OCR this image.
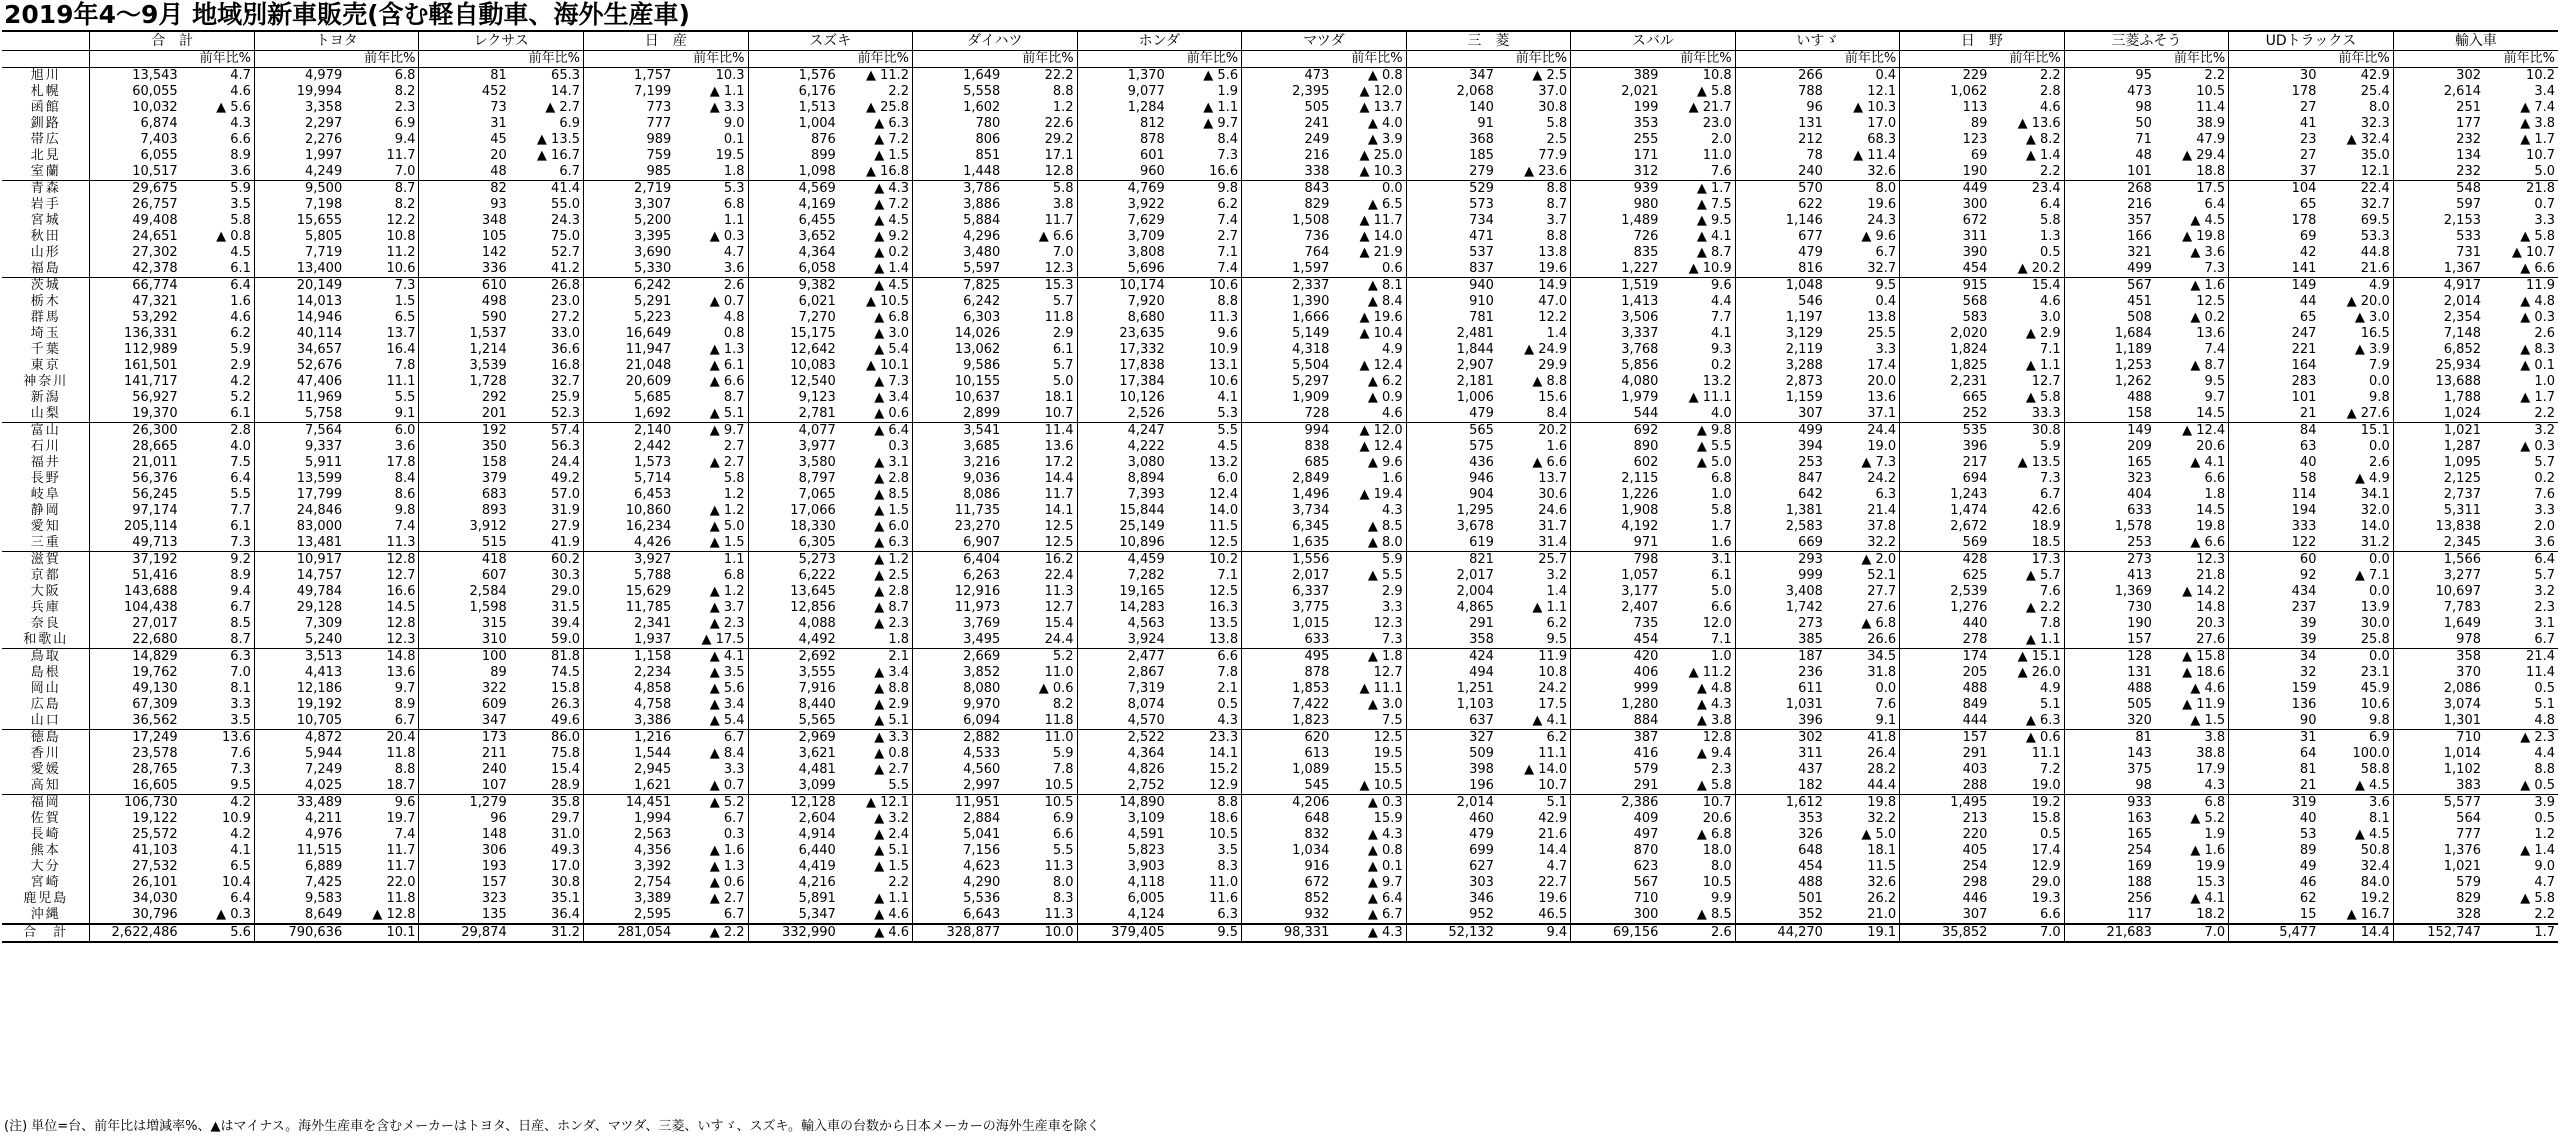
2019年4～9月 地域別新車販売(含む軽自動車、海外生産車)
	合　計		トヨタ		レクサス		日　産		スズキ		ダイハツ		ホンダ		マツダ		三　菱		スバル		いすゞ		日　野		三菱ふそう		UDトラックス		輸入車	
		前年比%		前年比%		前年比%		前年比%		前年比%		前年比%		前年比%		前年比%		前年比%		前年比%		前年比%		前年比%		前年比%		前年比%		前年比%
旭川	13,543	4.7	4,979	6.8	81	65.3	1,757	10.3	1,576	▲ 11.2	1,649	22.2	1,370	▲ 5.6	473	▲ 0.8	347	▲ 2.5	389	10.8	266	0.4	229	2.2	95	2.2	30	42.9	302	10.2
札幌	60,055	4.6	19,994	8.2	452	14.7	7,199	▲ 1.1	6,176	2.2	5,558	8.8	9,077	1.9	2,395	▲ 12.0	2,068	37.0	2,021	▲ 5.8	788	12.1	1,062	2.8	473	10.5	178	25.4	2,614	3.4
函館	10,032	▲ 5.6	3,358	2.3	73	▲ 2.7	773	▲ 3.3	1,513	▲ 25.8	1,602	1.2	1,284	▲ 1.1	505	▲ 13.7	140	30.8	199	▲ 21.7	96	▲ 10.3	113	4.6	98	11.4	27	8.0	251	▲ 7.4
釧路	6,874	4.3	2,297	6.9	31	6.9	777	9.0	1,004	▲ 6.3	780	22.6	812	▲ 9.7	241	▲ 4.0	91	5.8	353	23.0	131	17.0	89	▲ 13.6	50	38.9	41	32.3	177	▲ 3.8
帯広	7,403	6.6	2,276	9.4	45	▲ 13.5	989	0.1	876	▲ 7.2	806	29.2	878	8.4	249	▲ 3.9	368	2.5	255	2.0	212	68.3	123	▲ 8.2	71	47.9	23	▲ 32.4	232	▲ 1.7
北見	6,055	8.9	1,997	11.7	20	▲ 16.7	759	19.5	899	▲ 1.5	851	17.1	601	7.3	216	▲ 25.0	185	77.9	171	11.0	78	▲ 11.4	69	▲ 1.4	48	▲ 29.4	27	35.0	134	10.7
室蘭	10,517	3.6	4,249	7.0	48	6.7	985	1.8	1,098	▲ 16.8	1,448	12.8	960	16.6	338	▲ 10.3	279	▲ 23.6	312	7.6	240	32.6	190	2.2	101	18.8	37	12.1	232	5.0
青森	29,675	5.9	9,500	8.7	82	41.4	2,719	5.3	4,569	▲ 4.3	3,786	5.8	4,769	9.8	843	0.0	529	8.8	939	▲ 1.7	570	8.0	449	23.4	268	17.5	104	22.4	548	21.8
岩手	26,757	3.5	7,198	8.2	93	55.0	3,307	6.8	4,169	▲ 7.2	3,886	3.8	3,922	6.2	829	▲ 6.5	573	8.7	980	▲ 7.5	622	19.6	300	6.4	216	6.4	65	32.7	597	0.7
宮城	49,408	5.8	15,655	12.2	348	24.3	5,200	1.1	6,455	▲ 4.5	5,884	11.7	7,629	7.4	1,508	▲ 11.7	734	3.7	1,489	▲ 9.5	1,146	24.3	672	5.8	357	▲ 4.5	178	69.5	2,153	3.3
秋田	24,651	▲ 0.8	5,805	10.8	105	75.0	3,395	▲ 0.3	3,652	▲ 9.2	4,296	▲ 6.6	3,709	2.7	736	▲ 14.0	471	8.8	726	▲ 4.1	677	▲ 9.6	311	1.3	166	▲ 19.8	69	53.3	533	▲ 5.8
山形	27,302	4.5	7,719	11.2	142	52.7	3,690	4.7	4,364	▲ 0.2	3,480	7.0	3,808	7.1	764	▲ 21.9	537	13.8	835	▲ 8.7	479	6.7	390	0.5	321	▲ 3.6	42	44.8	731	▲ 10.7
福島	42,378	6.1	13,400	10.6	336	41.2	5,330	3.6	6,058	▲ 1.4	5,597	12.3	5,696	7.4	1,597	0.6	837	19.6	1,227	▲ 10.9	816	32.7	454	▲ 20.2	499	7.3	141	21.6	1,367	▲ 6.6
茨城	66,774	6.4	20,149	7.3	610	26.8	6,242	2.6	9,382	▲ 4.5	7,825	15.3	10,174	10.6	2,337	▲ 8.1	940	14.9	1,519	9.6	1,048	9.5	915	15.4	567	▲ 1.6	149	4.9	4,917	11.9
栃木	47,321	1.6	14,013	1.5	498	23.0	5,291	▲ 0.7	6,021	▲ 10.5	6,242	5.7	7,920	8.8	1,390	▲ 8.4	910	47.0	1,413	4.4	546	0.4	568	4.6	451	12.5	44	▲ 20.0	2,014	▲ 4.8
群馬	53,292	4.6	14,946	6.5	590	27.2	5,223	4.8	7,270	▲ 6.8	6,303	11.8	8,680	11.3	1,666	▲ 19.6	781	12.2	3,506	7.7	1,197	13.8	583	3.0	508	▲ 0.2	65	▲ 3.0	2,354	▲ 0.3
埼玉	136,331	6.2	40,114	13.7	1,537	33.0	16,649	0.8	15,175	▲ 3.0	14,026	2.9	23,635	9.6	5,149	▲ 10.4	2,481	1.4	3,337	4.1	3,129	25.5	2,020	▲ 2.9	1,684	13.6	247	16.5	7,148	2.6
千葉	112,989	5.9	34,657	16.4	1,214	36.6	11,947	▲ 1.3	12,642	▲ 5.4	13,062	6.1	17,332	10.9	4,318	4.9	1,844	▲ 24.9	3,768	9.3	2,119	3.3	1,824	7.1	1,189	7.4	221	▲ 3.9	6,852	▲ 8.3
東京	161,501	2.9	52,676	7.8	3,539	16.8	21,048	▲ 6.1	10,083	▲ 10.1	9,586	5.7	17,838	13.1	5,504	▲ 12.4	2,907	29.9	5,856	0.2	3,288	17.4	1,825	▲ 1.1	1,253	▲ 8.7	164	7.9	25,934	▲ 0.1
神奈川	141,717	4.2	47,406	11.1	1,728	32.7	20,609	▲ 6.6	12,540	▲ 7.3	10,155	5.0	17,384	10.6	5,297	▲ 6.2	2,181	▲ 8.8	4,080	13.2	2,873	20.0	2,231	12.7	1,262	9.5	283	0.0	13,688	1.0
新潟	56,927	5.2	11,969	5.5	292	25.9	5,685	8.7	9,123	▲ 3.4	10,637	18.1	10,126	4.1	1,909	▲ 0.9	1,006	15.6	1,979	▲ 11.1	1,159	13.6	665	▲ 5.8	488	9.7	101	9.8	1,788	▲ 1.7
山梨	19,370	6.1	5,758	9.1	201	52.3	1,692	▲ 5.1	2,781	▲ 0.6	2,899	10.7	2,526	5.3	728	4.6	479	8.4	544	4.0	307	37.1	252	33.3	158	14.5	21	▲ 27.6	1,024	2.2
富山	26,300	2.8	7,564	6.0	192	57.4	2,140	▲ 9.7	4,077	▲ 6.4	3,541	11.4	4,247	5.5	994	▲ 12.0	565	20.2	692	▲ 9.8	499	24.4	535	30.8	149	▲ 12.4	84	15.1	1,021	3.2
石川	28,665	4.0	9,337	3.6	350	56.3	2,442	2.7	3,977	0.3	3,685	13.6	4,222	4.5	838	▲ 12.4	575	1.6	890	▲ 5.5	394	19.0	396	5.9	209	20.6	63	0.0	1,287	▲ 0.3
福井	21,011	7.5	5,911	17.8	158	24.4	1,573	▲ 2.7	3,580	▲ 3.1	3,216	17.2	3,080	13.2	685	▲ 9.6	436	▲ 6.6	602	▲ 5.0	253	▲ 7.3	217	▲ 13.5	165	▲ 4.1	40	2.6	1,095	5.7
長野	56,376	6.4	13,599	8.4	379	49.2	5,714	5.8	8,797	▲ 2.8	9,036	14.4	8,894	6.0	2,849	1.6	946	13.7	2,115	6.8	847	24.2	694	7.3	323	6.6	58	▲ 4.9	2,125	0.2
岐阜	56,245	5.5	17,799	8.6	683	57.0	6,453	1.2	7,065	▲ 8.5	8,086	11.7	7,393	12.4	1,496	▲ 19.4	904	30.6	1,226	1.0	642	6.3	1,243	6.7	404	1.8	114	34.1	2,737	7.6
静岡	97,174	7.7	24,846	9.8	893	31.9	10,860	▲ 1.2	17,066	▲ 1.5	11,735	14.1	15,844	14.0	3,734	4.3	1,295	24.6	1,908	5.8	1,381	21.4	1,474	42.6	633	14.5	194	32.0	5,311	3.3
愛知	205,114	6.1	83,000	7.4	3,912	27.9	16,234	▲ 5.0	18,330	▲ 6.0	23,270	12.5	25,149	11.5	6,345	▲ 8.5	3,678	31.7	4,192	1.7	2,583	37.8	2,672	18.9	1,578	19.8	333	14.0	13,838	2.0
三重	49,713	7.3	13,481	11.3	515	41.9	4,426	▲ 1.5	6,305	▲ 6.3	6,907	12.5	10,896	12.5	1,635	▲ 8.0	619	31.4	971	1.6	669	32.2	569	18.5	253	▲ 6.6	122	31.2	2,345	3.6
滋賀	37,192	9.2	10,917	12.8	418	60.2	3,927	1.1	5,273	▲ 1.2	6,404	16.2	4,459	10.2	1,556	5.9	821	25.7	798	3.1	293	▲ 2.0	428	17.3	273	12.3	60	0.0	1,566	6.4
京都	51,416	8.9	14,757	12.7	607	30.3	5,788	6.8	6,222	▲ 2.5	6,263	22.4	7,282	7.1	2,017	▲ 5.5	2,017	3.2	1,057	6.1	999	52.1	625	▲ 5.7	413	21.8	92	▲ 7.1	3,277	5.7
大阪	143,688	9.4	49,784	16.6	2,584	29.0	15,629	▲ 1.2	13,645	▲ 2.8	12,916	11.3	19,165	12.5	6,337	2.9	2,004	1.4	3,177	5.0	3,408	27.7	2,539	7.6	1,369	▲ 14.2	434	0.0	10,697	3.2
兵庫	104,438	6.7	29,128	14.5	1,598	31.5	11,785	▲ 3.7	12,856	▲ 8.7	11,973	12.7	14,283	16.3	3,775	3.3	4,865	▲ 1.1	2,407	6.6	1,742	27.6	1,276	▲ 2.2	730	14.8	237	13.9	7,783	2.3
奈良	27,017	8.5	7,309	12.8	315	39.4	2,341	▲ 2.3	4,088	▲ 2.3	3,769	15.4	4,563	13.5	1,015	12.3	291	6.2	735	12.0	273	▲ 6.8	440	7.8	190	20.3	39	30.0	1,649	3.1
和歌山	22,680	8.7	5,240	12.3	310	59.0	1,937	▲ 17.5	4,492	1.8	3,495	24.4	3,924	13.8	633	7.3	358	9.5	454	7.1	385	26.6	278	▲ 1.1	157	27.6	39	25.8	978	6.7
鳥取	14,829	6.3	3,513	14.8	100	81.8	1,158	▲ 4.1	2,692	2.1	2,669	5.2	2,477	6.6	495	▲ 1.8	424	11.9	420	1.0	187	34.5	174	▲ 15.1	128	▲ 15.8	34	0.0	358	21.4
島根	19,762	7.0	4,413	13.6	89	74.5	2,234	▲ 3.5	3,555	▲ 3.4	3,852	11.0	2,867	7.8	878	12.7	494	10.8	406	▲ 11.2	236	31.8	205	▲ 26.0	131	▲ 18.6	32	23.1	370	11.4
岡山	49,130	8.1	12,186	9.7	322	15.8	4,858	▲ 5.6	7,916	▲ 8.8	8,080	▲ 0.6	7,319	2.1	1,853	▲ 11.1	1,251	24.2	999	▲ 4.8	611	0.0	488	4.9	488	▲ 4.6	159	45.9	2,086	0.5
広島	67,309	3.3	19,192	8.9	609	26.3	4,758	▲ 3.4	8,440	▲ 2.9	9,970	8.2	8,074	0.5	7,422	▲ 3.0	1,103	17.5	1,280	▲ 4.3	1,031	7.6	849	5.1	505	▲ 11.9	136	10.6	3,074	5.1
山口	36,562	3.5	10,705	6.7	347	49.6	3,386	▲ 5.4	5,565	▲ 5.1	6,094	11.8	4,570	4.3	1,823	7.5	637	▲ 4.1	884	▲ 3.8	396	9.1	444	▲ 6.3	320	▲ 1.5	90	9.8	1,301	4.8
徳島	17,249	13.6	4,872	20.4	173	86.0	1,216	6.7	2,969	▲ 3.3	2,882	11.0	2,522	23.3	620	12.5	327	6.2	387	12.8	302	41.8	157	▲ 0.6	81	3.8	31	6.9	710	▲ 2.3
香川	23,578	7.6	5,944	11.8	211	75.8	1,544	▲ 8.4	3,621	▲ 0.8	4,533	5.9	4,364	14.1	613	19.5	509	11.1	416	▲ 9.4	311	26.4	291	11.1	143	38.8	64	100.0	1,014	4.4
愛媛	28,765	7.3	7,249	8.8	240	15.4	2,945	3.3	4,481	▲ 2.7	4,560	7.8	4,826	15.2	1,089	15.5	398	▲ 14.0	579	2.3	437	28.2	403	7.2	375	17.9	81	58.8	1,102	8.8
高知	16,605	9.5	4,025	18.7	107	28.9	1,621	▲ 0.7	3,099	5.5	2,997	10.5	2,752	12.9	545	▲ 10.5	196	10.7	291	▲ 5.8	182	44.4	288	19.0	98	4.3	21	▲ 4.5	383	▲ 0.5
福岡	106,730	4.2	33,489	9.6	1,279	35.8	14,451	▲ 5.2	12,128	▲ 12.1	11,951	10.5	14,890	8.8	4,206	▲ 0.3	2,014	5.1	2,386	10.7	1,612	19.8	1,495	19.2	933	6.8	319	3.6	5,577	3.9
佐賀	19,122	10.9	4,211	19.7	96	29.7	1,994	6.7	2,604	▲ 3.2	2,884	6.9	3,109	18.6	648	15.9	460	42.9	409	20.6	353	32.2	213	15.8	163	▲ 5.2	40	8.1	564	0.5
長崎	25,572	4.2	4,976	7.4	148	31.0	2,563	0.3	4,914	▲ 2.4	5,041	6.6	4,591	10.5	832	▲ 4.3	479	21.6	497	▲ 6.8	326	▲ 5.0	220	0.5	165	1.9	53	▲ 4.5	777	1.2
熊本	41,103	4.1	11,515	11.7	306	49.3	4,356	▲ 1.6	6,440	▲ 5.1	7,156	5.5	5,823	3.5	1,034	▲ 0.8	699	14.4	870	18.0	648	18.1	405	17.4	254	▲ 1.6	89	50.8	1,376	▲ 1.4
大分	27,532	6.5	6,889	11.7	193	17.0	3,392	▲ 1.3	4,419	▲ 1.5	4,623	11.3	3,903	8.3	916	▲ 0.1	627	4.7	623	8.0	454	11.5	254	12.9	169	19.9	49	32.4	1,021	9.0
宮崎	26,101	10.4	7,425	22.0	157	30.8	2,754	▲ 0.6	4,216	2.2	4,290	8.0	4,118	11.0	672	▲ 9.7	303	22.7	567	10.5	488	32.6	298	29.0	188	15.3	46	84.0	579	4.7
鹿児島	34,030	6.4	9,583	11.8	323	35.1	3,389	▲ 2.7	5,891	▲ 1.1	5,536	8.3	6,005	11.6	852	▲ 6.4	346	19.6	710	9.9	501	26.2	446	19.3	256	▲ 4.1	62	19.2	829	▲ 5.8
沖縄	30,796	▲ 0.3	8,649	▲ 12.8	135	36.4	2,595	6.7	5,347	▲ 4.6	6,643	11.3	4,124	6.3	932	▲ 6.7	952	46.5	300	▲ 8.5	352	21.0	307	6.6	117	18.2	15	▲ 16.7	328	2.2
合　計	2,622,486	5.6	790,636	10.1	29,874	31.2	281,054	▲ 2.2	332,990	▲ 4.6	328,877	10.0	379,405	9.5	98,331	▲ 4.3	52,132	9.4	69,156	2.6	44,270	19.1	35,852	7.0	21,683	7.0	5,477	14.4	152,747	1.7
(注) 単位=台、前年比は増減率%、▲はマイナス。海外生産車を含むメーカーはトヨタ、日産、ホンダ、マツダ、三菱、いすゞ、スズキ。輸入車の台数から日本メーカーの海外生産車を除く
